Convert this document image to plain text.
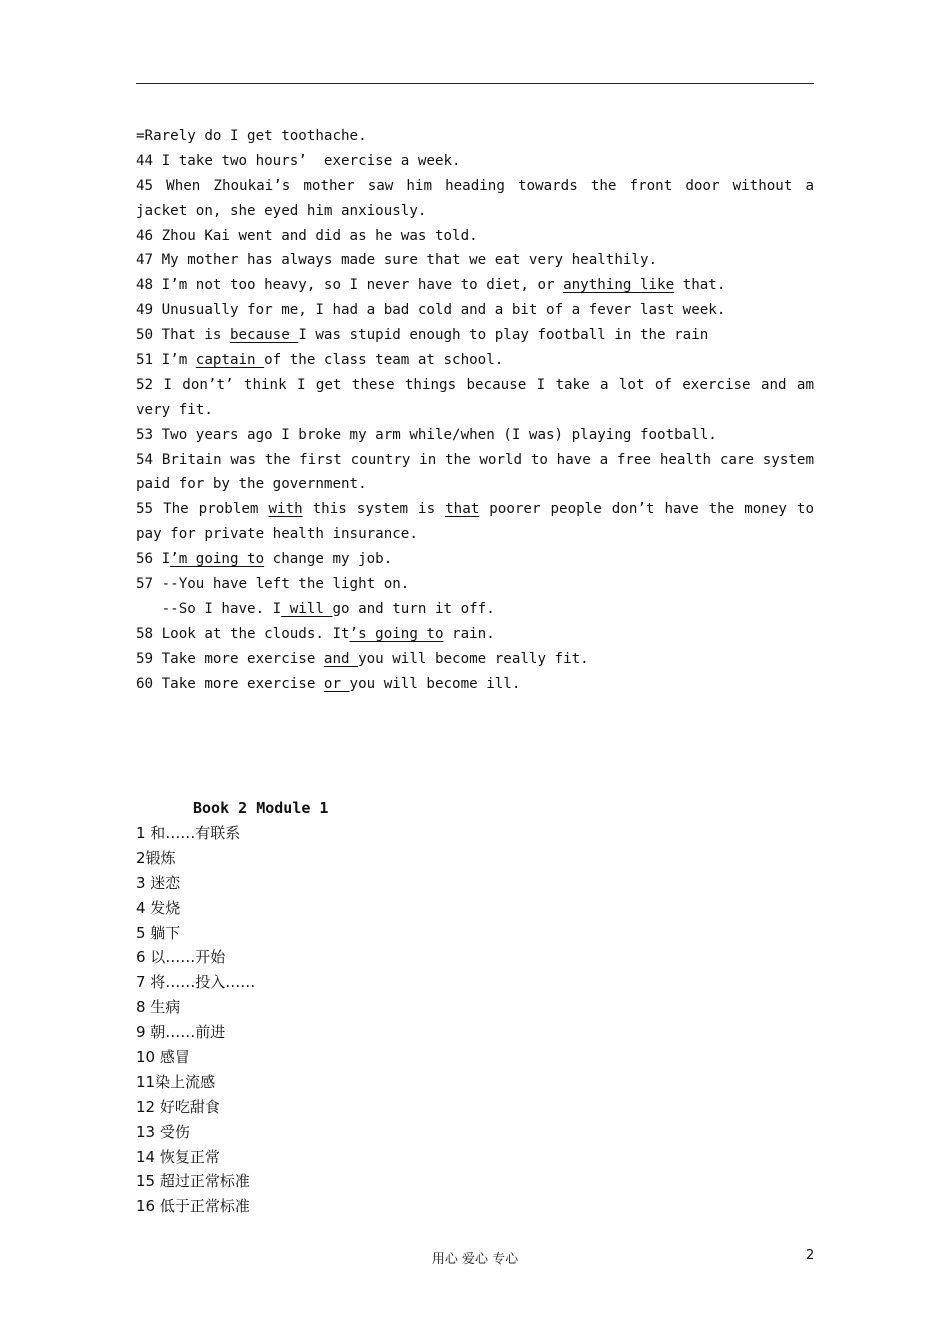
=Rarely do I get toothache.
44 I take two hours’  exercise a week.
45 When Zhoukai’s mother saw him heading towards the front door without a
jacket on, she eyed him anxiously.
46 Zhou Kai went and did as he was told.
47 My mother has always made sure that we eat very healthily.
48 I’m not too heavy, so I never have to diet, or anything like that.
49 Unusually for me, I had a bad cold and a bit of a fever last week.
50 That is because I was stupid enough to play football in the rain
51 I’m captain of the class team at school.
52 I don’t’ think I get these things because I take a lot of exercise and am
very fit.
53 Two years ago I broke my arm while/when (I was) playing football.
54 Britain was the first country in the world to have a free health care system
paid for by the government.
55 The problem with this system is that poorer people don’t have the money to
pay for private health insurance.
56 I’m going to change my job.
57 --You have left the light on.
--So I have. I will go and turn it off.
58 Look at the clouds. It’s going to rain.
59 Take more exercise and you will become really fit.
60 Take more exercise or you will become ill.
Book 2 Module 1
1 和……有联系
2锻炼
3 迷恋
4 发烧
5 躺下
6 以……开始
7 将……投入……
8 生病
9 朝……前进
10 感冒
11染上流感
12 好吃甜食
13 受伤
14 恢复正常
15 超过正常标准
16 低于正常标准
用心 爱心 专心	2
